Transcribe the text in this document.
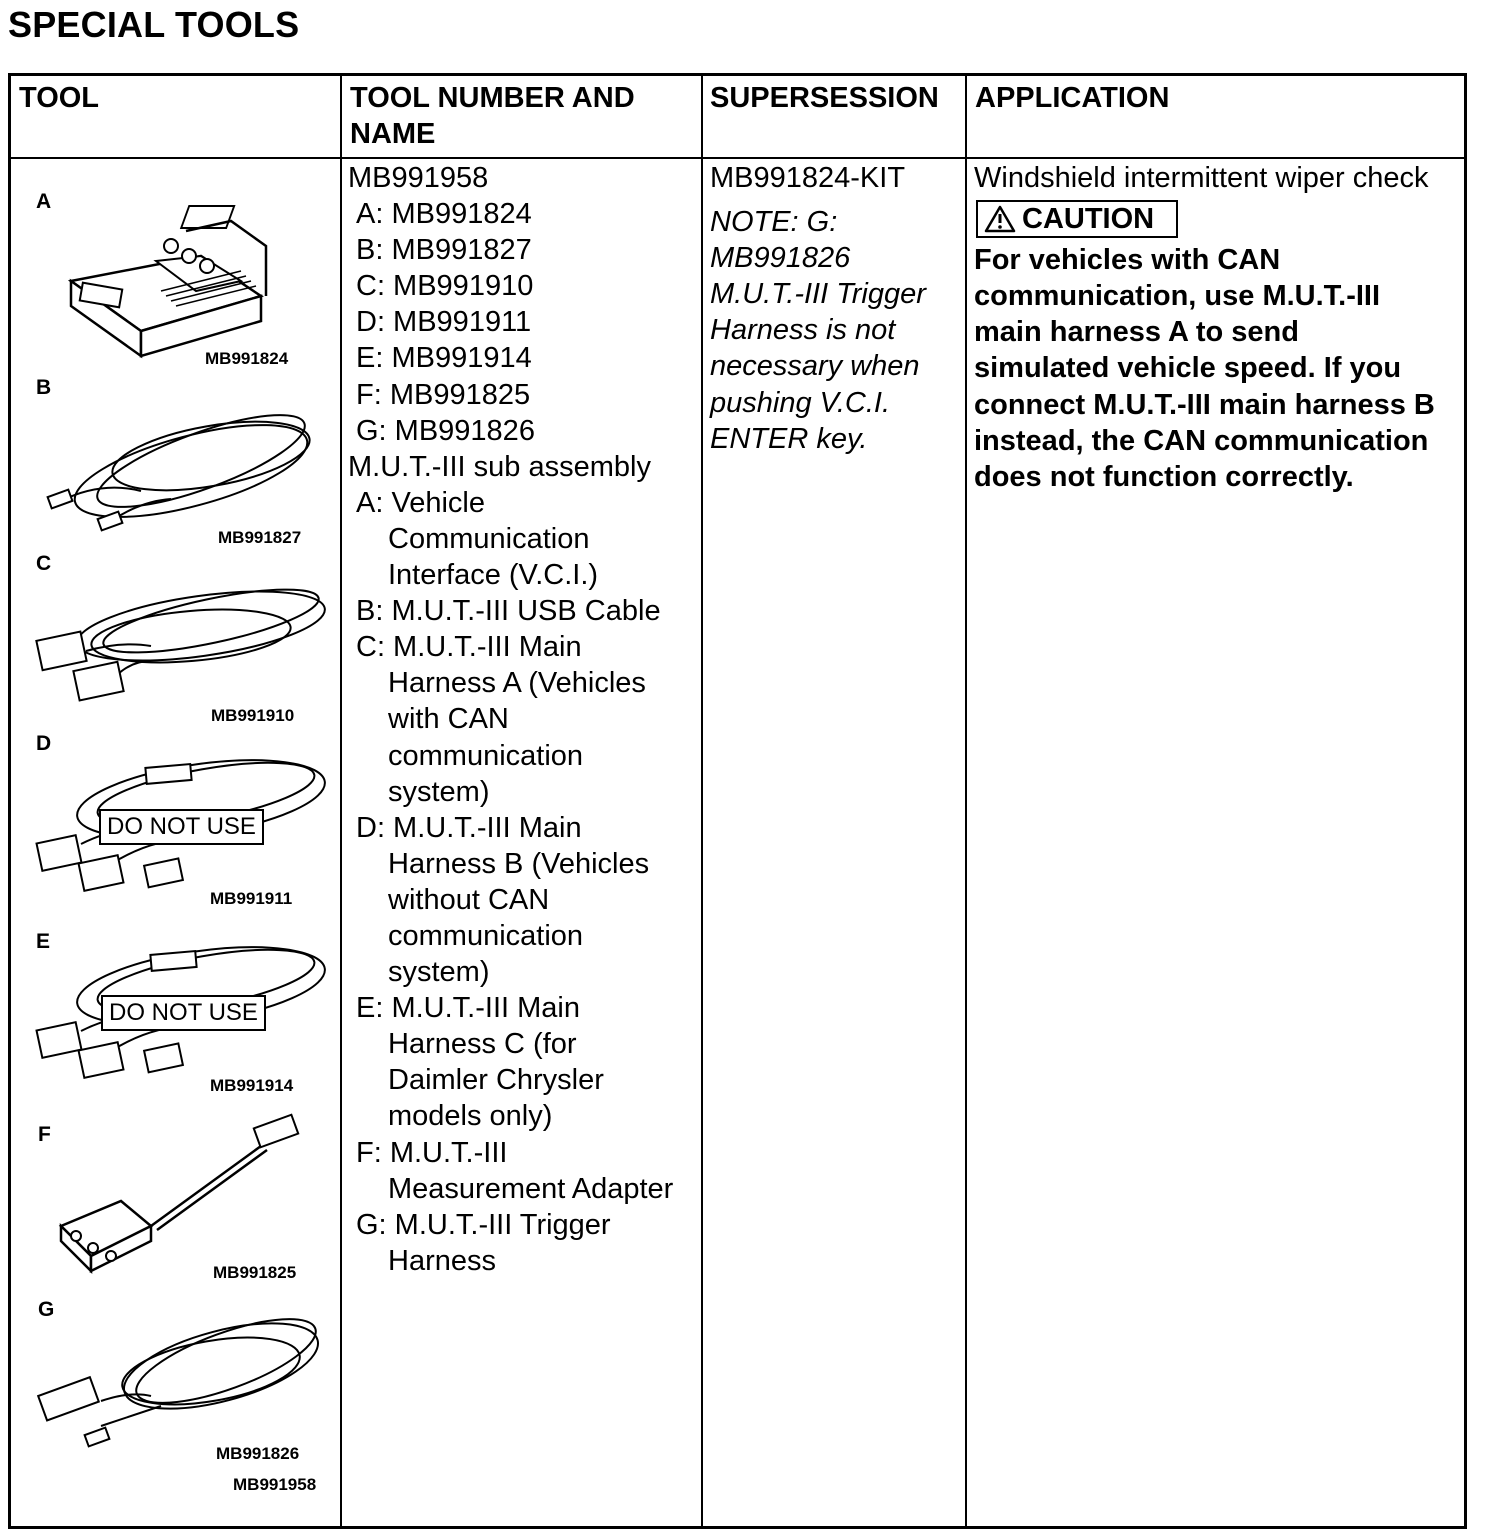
SPECIAL TOOLS
TOOL	TOOL NUMBER AND NAME
SUPERSESSION APPLICATION
A
MB991824
B
MB991827
C
MB991910
D
DO NOT USE
MB991911
E
DO NOT USE
MB991914
F
MB991825
G
MB991826
MB991958
MB991958
A: MB991824
B: MB991827
C: MB991910
D: MB991911
E: MB991914
F: MB991825
G: MB991826
M.U.T.-III sub assembly
A: Vehicle
Communication
Interface (V.C.I.)
B: M.U.T.-III USB Cable
C: M.U.T.-III Main
Harness A (Vehicles
with CAN
communication
system)
D: M.U.T.-III Main
Harness B (Vehicles
without CAN
communication
system)
E: M.U.T.-III Main
Harness C (for
Daimler Chrysler
models only)
F: M.U.T.-III
Measurement Adapter
G: M.U.T.-III Trigger
Harness
MB991824-KIT
NOTE: G:
MB991826
M.U.T.-III Trigger
Harness is not
necessary when
pushing V.C.I.
ENTER key.
Windshield intermittent wiper check
CAUTION
For vehicles with CAN
communication, use M.U.T.-III
main harness A to send
simulated vehicle speed. If you
connect M.U.T.-III main harness B
instead, the CAN communication
does not function correctly.
